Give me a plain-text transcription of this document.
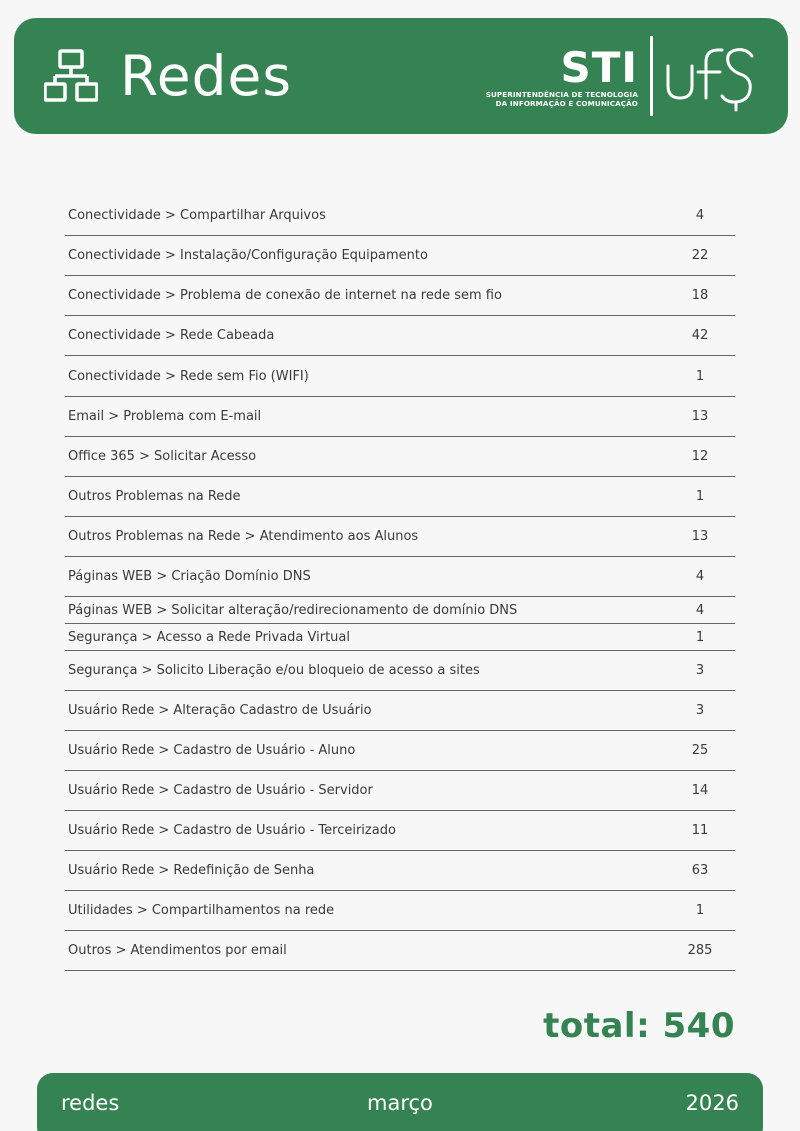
Redes	STI
SUPERINTENDÊNCIA DE TECNOLOGIA
DA INFORMAÇÃO E COMUNICAÇÃO
Conectividade > Compartilhar Arquivos	4
Conectividade > Instalação/Configuração Equipamento	22
Conectividade > Problema de conexão de internet na rede sem fio	18
Conectividade > Rede Cabeada	42
Conectividade > Rede sem Fio (WIFI)	1
Email > Problema com E-mail	13
Office 365 > Solicitar Acesso	12
Outros Problemas na Rede	1
Outros Problemas na Rede > Atendimento aos Alunos	13
Páginas WEB > Criação Domínio DNS	4
Páginas WEB > Solicitar alteração/redirecionamento de domínio DNS	4
Segurança > Acesso a Rede Privada Virtual	1
Segurança > Solicito Liberação e/ou bloqueio de acesso a sites	3
Usuário Rede > Alteração Cadastro de Usuário	3
Usuário Rede > Cadastro de Usuário - Aluno	25
Usuário Rede > Cadastro de Usuário - Servidor	14
Usuário Rede > Cadastro de Usuário - Terceirizado	11
Usuário Rede > Redefinição de Senha	63
Utilidades > Compartilhamentos na rede	1
Outros > Atendimentos por email	285
total: 540
redes	março	2026
